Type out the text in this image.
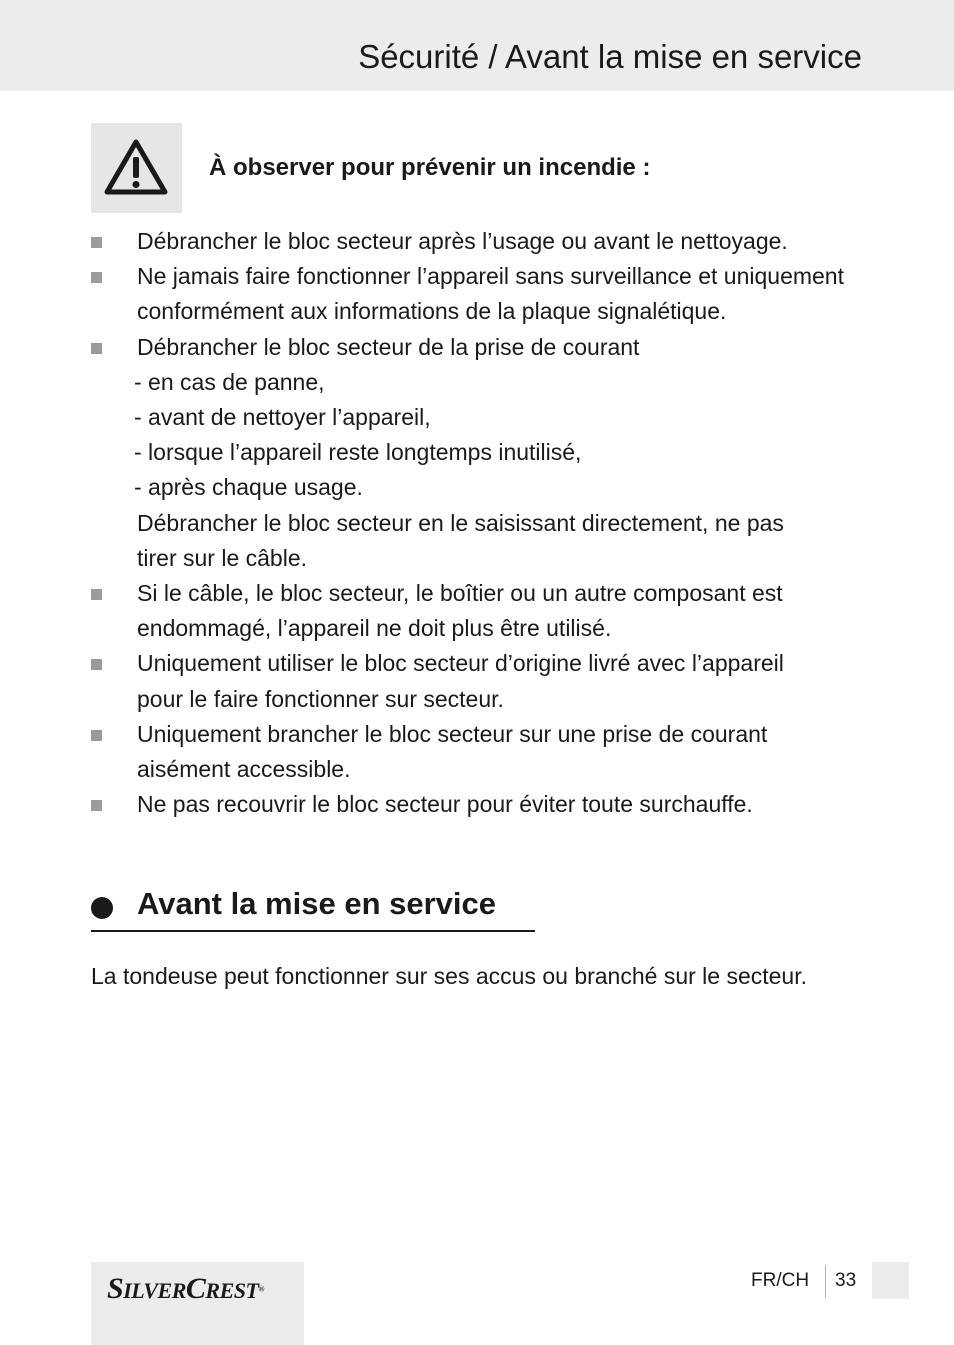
Sécurité / Avant la mise en service
À observer pour prévenir un incendie :
Débrancher le bloc secteur après l’usage ou avant le nettoyage.
Ne jamais faire fonctionner l’appareil sans surveillance et uniquement
conformément aux informations de la plaque signalétique.
Débrancher le bloc secteur de la prise de courant
- en cas de panne,
- avant de nettoyer l’appareil,
- lorsque l’appareil reste longtemps inutilisé,
- après chaque usage.
Débrancher le bloc secteur en le saisissant directement, ne pas
tirer sur le câble.
Si le câble, le bloc secteur, le boîtier ou un autre composant est
endommagé, l’appareil ne doit plus être utilisé.
Uniquement utiliser le bloc secteur d’origine livré avec l’appareil
pour le faire fonctionner sur secteur.
Uniquement brancher le bloc secteur sur une prise de courant
aisément accessible.
Ne pas recouvrir le bloc secteur pour éviter toute surchauffe.
Avant la mise en service
La tondeuse peut fonctionner sur ses accus ou branché sur le secteur.
SILVERCREST®	FR/CH 33
